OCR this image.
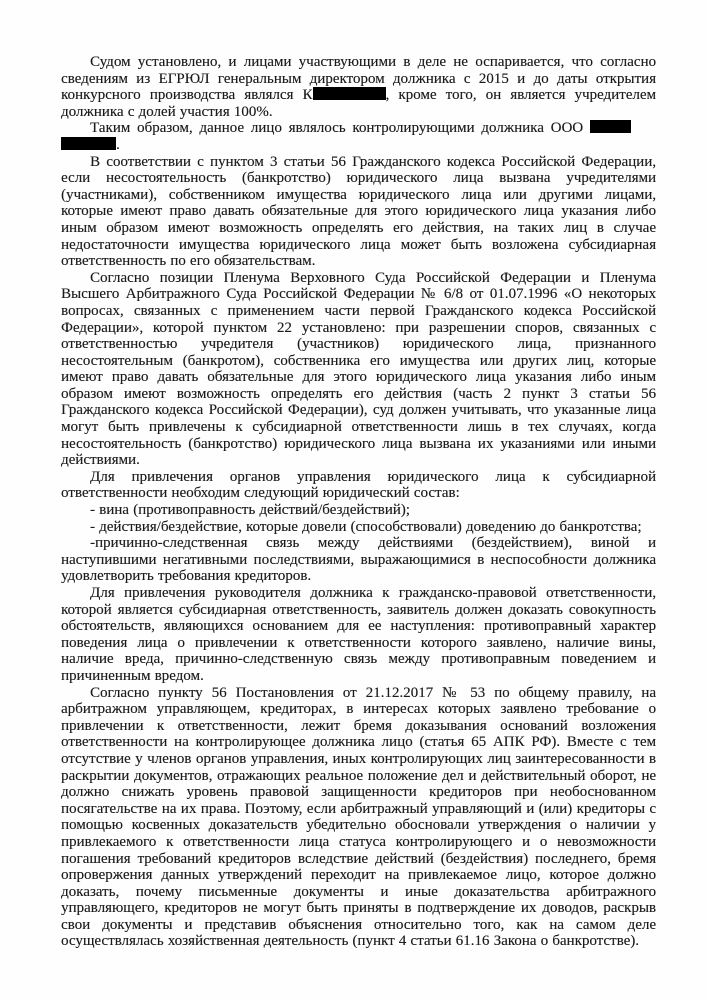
Судом установлено, и лицами участвующими в деле не оспаривается, что согласно сведениям из ЕГРЮЛ генеральным директором должника с 2015 и до даты открытия конкурсного производства являлся К	, кроме того, он является учредителем должника с долей участия 100%.

Таким образом, данное лицо являлось контролирующими должника ООО
.

В соответствии с пунктом 3 статьи 56 Гражданского кодекса Российской Федерации, если несостоятельность (банкротство) юридического лица вызвана учредителями (участниками), собственником имущества юридического лица или другими лицами, которые имеют право давать обязательные для этого юридического лица указания либо иным образом имеют возможность определять его действия, на таких лиц в случае недостаточности имущества юридического лица может быть возложена субсидиарная ответственность по его обязательствам.

Согласно позиции Пленума Верховного Суда Российской Федерации и Пленума Высшего Арбитражного Суда Российской Федерации № 6/8 от 01.07.1996 «О некоторых вопросах, связанных с применением части первой Гражданского кодекса Российской Федерации», которой пунктом 22 установлено: при разрешении споров, связанных с ответственностью учредителя (участников) юридического лица, признанного несостоятельным (банкротом), собственника его имущества или других лиц, которые имеют право давать обязательные для этого юридического лица указания либо иным образом имеют возможность определять его действия (часть 2 пункт 3 статьи 56 Гражданского кодекса Российской Федерации), суд должен учитывать, что указанные лица могут быть привлечены к субсидиарной ответственности лишь в тех случаях, когда несостоятельность (банкротство) юридического лица вызвана их указаниями или иными действиями.

Для привлечения органов управления юридического лица к субсидиарной ответственности необходим следующий юридический состав:

- вина (противоправность действий/бездействий);

- действия/бездействие, которые довели (способствовали) доведению до банкротства;

-причинно-следственная связь между действиями (бездействием), виной и наступившими негативными последствиями, выражающимися в неспособности должника удовлетворить требования кредиторов.

Для привлечения руководителя должника к гражданско-правовой ответственности, которой является субсидиарная ответственность, заявитель должен доказать совокупность обстоятельств, являющихся основанием для ее наступления: противоправный характер поведения лица о привлечении к ответственности которого заявлено, наличие вины, наличие вреда, причинно-следственную связь между противоправным поведением и причиненным вредом.

Согласно пункту 56 Постановления от 21.12.2017 № 53 по общему правилу, на арбитражном управляющем, кредиторах, в интересах которых заявлено требование о привлечении к ответственности, лежит бремя доказывания оснований возложения ответственности на контролирующее должника лицо (статья 65 АПК РФ). Вместе с тем отсутствие у членов органов управления, иных контролирующих лиц заинтересованности в раскрытии документов, отражающих реальное положение дел и действительный оборот, не должно снижать уровень правовой защищенности кредиторов при необоснованном посягательстве на их права. Поэтому, если арбитражный управляющий и (или) кредиторы с помощью косвенных доказательств убедительно обосновали утверждения о наличии у привлекаемого к ответственности лица статуса контролирующего и о невозможности погашения требований кредиторов вследствие действий (бездействия) последнего, бремя опровержения данных утверждений переходит на привлекаемое лицо, которое должно доказать, почему письменные документы и иные доказательства арбитражного управляющего, кредиторов не могут быть приняты в подтверждение их доводов, раскрыв свои документы и представив объяснения относительно того, как на самом деле осуществлялась хозяйственная деятельность (пункт 4 статьи 61.16 Закона о банкротстве).
